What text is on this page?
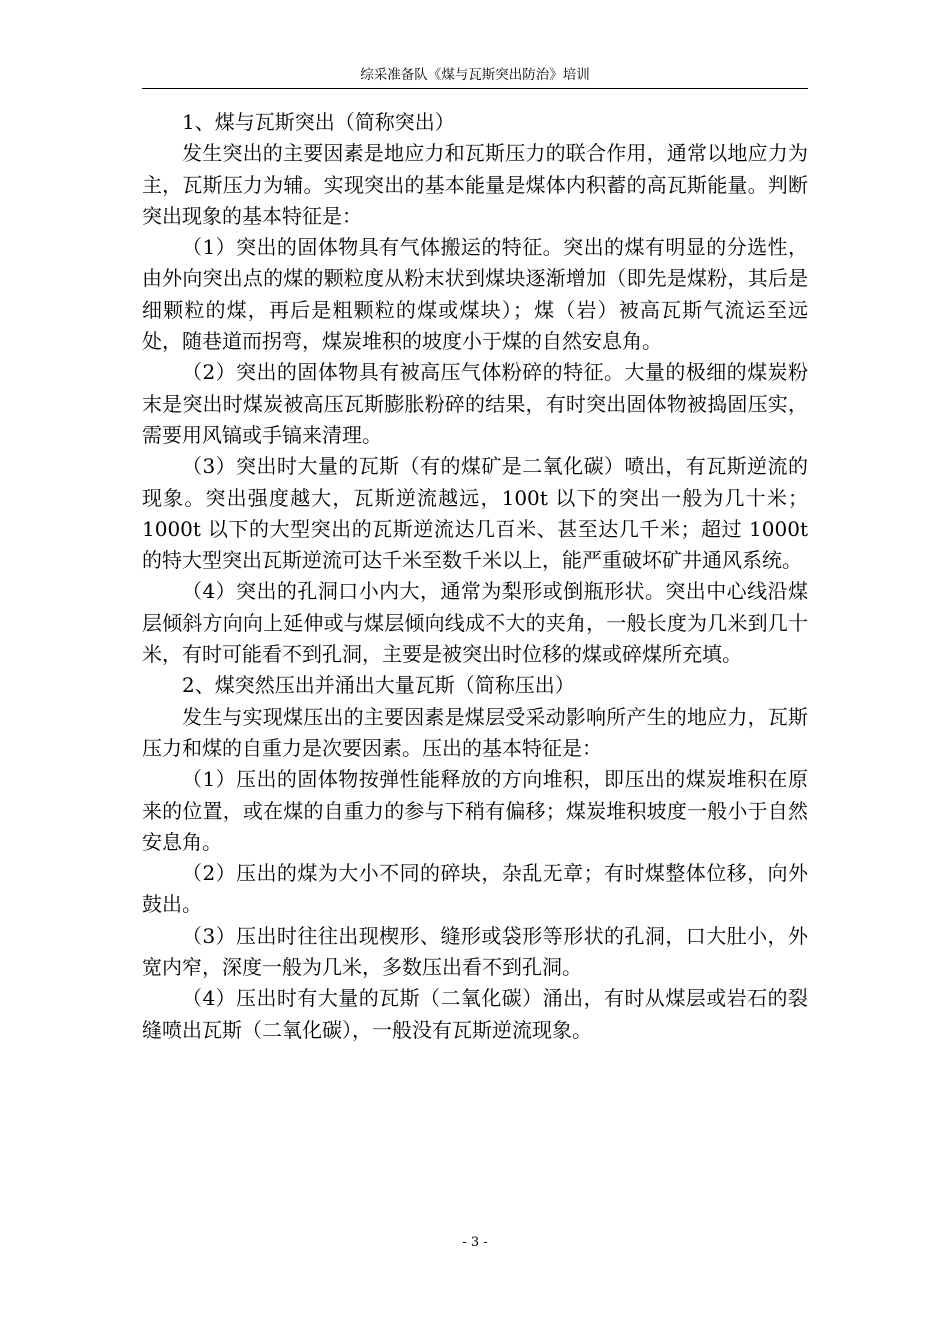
综采准备队《煤与瓦斯突出防治》培训

1、煤与瓦斯突出（简称突出）

发生突出的主要因素是地应力和瓦斯压力的联合作用，通常以地应力为主，瓦斯压力为辅。实现突出的基本能量是煤体内积蓄的高瓦斯能量。判断突出现象的基本特征是：

（1）突出的固体物具有气体搬运的特征。突出的煤有明显的分选性，由外向突出点的煤的颗粒度从粉末状到煤块逐渐增加（即先是煤粉，其后是细颗粒的煤，再后是粗颗粒的煤或煤块）；煤（岩）被高瓦斯气流运至远处，随巷道而拐弯，煤炭堆积的坡度小于煤的自然安息角。

（2）突出的固体物具有被高压气体粉碎的特征。大量的极细的煤炭粉末是突出时煤炭被高压瓦斯膨胀粉碎的结果，有时突出固体物被捣固压实，需要用风镐或手镐来清理。

（3）突出时大量的瓦斯（有的煤矿是二氧化碳）喷出，有瓦斯逆流的现象。突出强度越大，瓦斯逆流越远，100t 以下的突出一般为几十米；1000t 以下的大型突出的瓦斯逆流达几百米、甚至达几千米；超过 1000t 的特大型突出瓦斯逆流可达千米至数千米以上，能严重破坏矿井通风系统。

（4）突出的孔洞口小内大，通常为梨形或倒瓶形状。突出中心线沿煤层倾斜方向向上延伸或与煤层倾向线成不大的夹角，一般长度为几米到几十米，有时可能看不到孔洞，主要是被突出时位移的煤或碎煤所充填。

2、煤突然压出并涌出大量瓦斯（简称压出）

发生与实现煤压出的主要因素是煤层受采动影响所产生的地应力，瓦斯压力和煤的自重力是次要因素。压出的基本特征是：

（1）压出的固体物按弹性能释放的方向堆积，即压出的煤炭堆积在原来的位置，或在煤的自重力的参与下稍有偏移；煤炭堆积坡度一般小于自然安息角。

（2）压出的煤为大小不同的碎块，杂乱无章；有时煤整体位移，向外鼓出。

（3）压出时往往出现楔形、缝形或袋形等形状的孔洞，口大肚小，外宽内窄，深度一般为几米，多数压出看不到孔洞。

（4）压出时有大量的瓦斯（二氧化碳）涌出，有时从煤层或岩石的裂缝喷出瓦斯（二氧化碳），一般没有瓦斯逆流现象。

- 3 -
